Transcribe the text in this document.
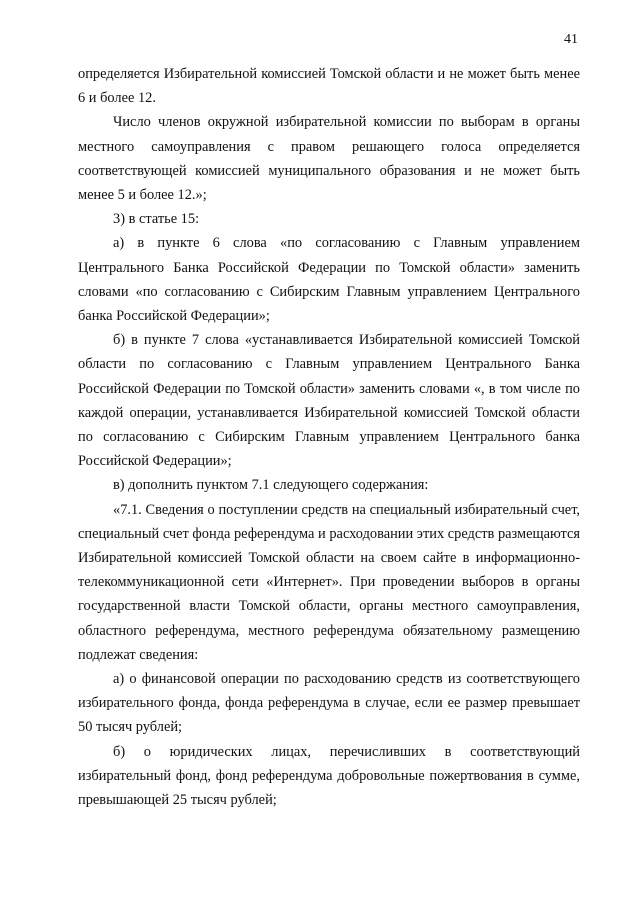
41

определяется Избирательной комиссией Томской области и не может быть менее 6 и более 12.

Число членов окружной избирательной комиссии по выборам в органы местного самоуправления с правом решающего голоса определяется соответствующей комиссией муниципального образования и не может быть менее 5 и более 12.»;

3) в статье 15:

а) в пункте 6 слова «по согласованию с Главным управлением Центрального Банка Российской Федерации по Томской области» заменить словами «по согласованию с Сибирским Главным управлением Центрального банка Российской Федерации»;

б) в пункте 7 слова «устанавливается Избирательной комиссией Томской области по согласованию с Главным управлением Центрального Банка Российской Федерации по Томской области» заменить словами «, в том числе по каждой операции, устанавливается Избирательной комиссией Томской области по согласованию с Сибирским Главным управлением Центрального банка Российской Федерации»;

в) дополнить пунктом 7.1 следующего содержания:

«7.1. Сведения о поступлении средств на специальный избирательный счет, специальный счет фонда референдума и расходовании этих средств размещаются Избирательной комиссией Томской области на своем сайте в информационно-телекоммуникационной сети «Интернет». При проведении выборов в органы государственной власти Томской области, органы местного самоуправления, областного референдума, местного референдума обязательному размещению подлежат сведения:

а) о финансовой операции по расходованию средств из соответствующего избирательного фонда, фонда референдума в случае, если ее размер превышает 50 тысяч рублей;

б) о юридических лицах, перечисливших в соответствующий избирательный фонд, фонд референдума добровольные пожертвования в сумме, превышающей 25 тысяч рублей;
